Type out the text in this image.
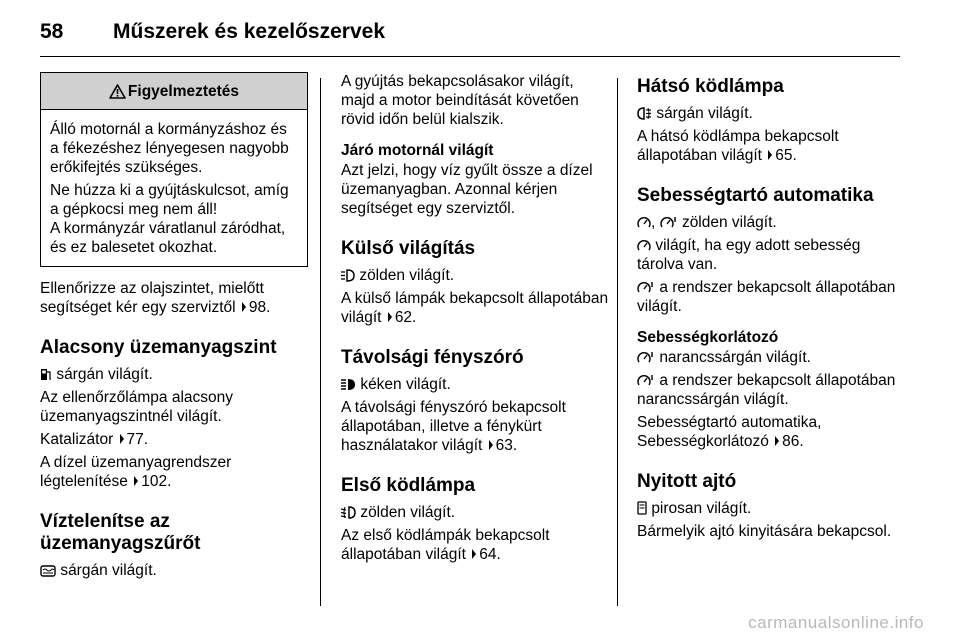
58 Műszerek és kezelőszervek
Figyelmeztetés

Álló motornál a kormányzáshoz és a fékezéshez lényegesen nagyobb erőkifejtés szükséges.

Ne húzza ki a gyújtáskulcsot, amíg a gépkocsi meg nem áll!

A kormányzár váratlanul záródhat, és ez balesetet okozhat.

Ellenőrizze az olajszintet, mielőtt segítséget kér egy szerviztől 98.

Alacsony üzemanyagszint

sárgán világít.

Az ellenőrzőlámpa alacsony üzemanyagszintnél világít.

Katalizátor 77.

A dízel üzemanyagrendszer légtelenítése 102.

Víztelenítse az üzemanyagszűrőt

sárgán világít.

A gyújtás bekapcsolásakor világít, majd a motor beindítását követően rövid időn belül kialszik.

Járó motornál világít

Azt jelzi, hogy víz gyűlt össze a dízel üzemanyagban. Azonnal kérjen segítséget egy szerviztől.

Külső világítás

zölden világít.

A külső lámpák bekapcsolt állapotában világít 62.

Távolsági fényszóró

kéken világít.

A távolsági fényszóró bekapcsolt állapotában, illetve a fénykürt használatakor világít 63.

Első ködlámpa

zölden világít.

Az első ködlámpák bekapcsolt állapotában világít 64.

Hátsó ködlámpa

sárgán világít.

A hátsó ködlámpa bekapcsolt állapotában világít 65.

Sebességtartó automatika

, zölden világít.

világít, ha egy adott sebesség tárolva van.

a rendszer bekapcsolt állapotában világít.

Sebességkorlátozó

narancssárgán világít.

a rendszer bekapcsolt állapotában narancssárgán világít.

Sebességtartó automatika,
Sebességkorlátozó 86.

Nyitott ajtó

pirosan világít.

Bármelyik ajtó kinyitására bekapcsol.

carmanualsonline.info
